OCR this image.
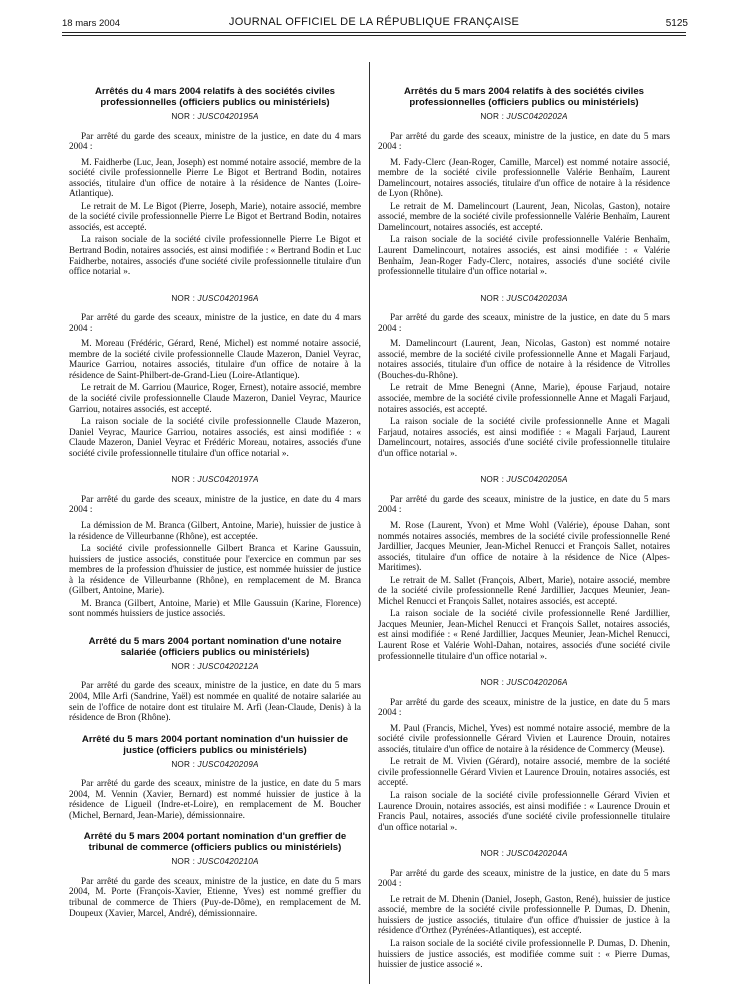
18 mars 2004	JOURNAL OFFICIEL DE LA RÉPUBLIQUE FRANÇAISE	5125
Arrêtés du 4 mars 2004 relatifs à des sociétés civiles professionnelles (officiers publics ou ministériels)
NOR : JUSC0420195A

Par arrêté du garde des sceaux, ministre de la justice, en date du 4 mars 2004 :

M. Faidherbe (Luc, Jean, Joseph) est nommé notaire associé, membre de la société civile professionnelle Pierre Le Bigot et Bertrand Bodin, notaires associés, titulaire d'un office de notaire à la résidence de Nantes (Loire-Atlantique).

Le retrait de M. Le Bigot (Pierre, Joseph, Marie), notaire associé, membre de la société civile professionnelle Pierre Le Bigot et Bertrand Bodin, notaires associés, est accepté.

La raison sociale de la société civile professionnelle Pierre Le Bigot et Bertrand Bodin, notaires associés, est ainsi modifiée : « Bertrand Bodin et Luc Faidherbe, notaires, associés d'une société civile professionnelle titulaire d'un office notarial ».

NOR : JUSC0420196A

Par arrêté du garde des sceaux, ministre de la justice, en date du 4 mars 2004 :

M. Moreau (Frédéric, Gérard, René, Michel) est nommé notaire associé, membre de la société civile professionnelle Claude Mazeron, Daniel Veyrac, Maurice Garriou, notaires associés, titulaire d'un office de notaire à la résidence de Saint-Philbert-de-Grand-Lieu (Loire-Atlantique).

Le retrait de M. Garriou (Maurice, Roger, Ernest), notaire associé, membre de la société civile professionnelle Claude Mazeron, Daniel Veyrac, Maurice Garriou, notaires associés, est accepté.

La raison sociale de la société civile professionnelle Claude Mazeron, Daniel Veyrac, Maurice Garriou, notaires associés, est ainsi modifiée : « Claude Mazeron, Daniel Veyrac et Frédéric Moreau, notaires, associés d'une société civile professionnelle titulaire d'un office notarial ».

NOR : JUSC0420197A

Par arrêté du garde des sceaux, ministre de la justice, en date du 4 mars 2004 :

La démission de M. Branca (Gilbert, Antoine, Marie), huissier de justice à la résidence de Villeurbanne (Rhône), est acceptée.

La société civile professionnelle Gilbert Branca et Karine Gaussuin, huissiers de justice associés, constituée pour l'exercice en commun par ses membres de la profession d'huissier de justice, est nommée huissier de justice à la résidence de Villeurbanne (Rhône), en remplacement de M. Branca (Gilbert, Antoine, Marie).

M. Branca (Gilbert, Antoine, Marie) et Mlle Gaussuin (Karine, Florence) sont nommés huissiers de justice associés.

Arrêté du 5 mars 2004 portant nomination d'une notaire salariée (officiers publics ou ministériels)
NOR : JUSC0420212A

Par arrêté du garde des sceaux, ministre de la justice, en date du 5 mars 2004, Mlle Arfi (Sandrine, Yaël) est nommée en qualité de notaire salariée au sein de l'office de notaire dont est titulaire M. Arfi (Jean-Claude, Denis) à la résidence de Bron (Rhône).

Arrêté du 5 mars 2004 portant nomination d'un huissier de justice (officiers publics ou ministériels)
NOR : JUSC0420209A

Par arrêté du garde des sceaux, ministre de la justice, en date du 5 mars 2004, M. Vennin (Xavier, Bernard) est nommé huissier de justice à la résidence de Ligueil (Indre-et-Loire), en remplacement de M. Boucher (Michel, Bernard, Jean-Marie), démissionnaire.

Arrêté du 5 mars 2004 portant nomination d'un greffier de tribunal de commerce (officiers publics ou ministériels)
NOR : JUSC0420210A

Par arrêté du garde des sceaux, ministre de la justice, en date du 5 mars 2004, M. Porte (François-Xavier, Etienne, Yves) est nommé greffier du tribunal de commerce de Thiers (Puy-de-Dôme), en remplacement de M. Doupeux (Xavier, Marcel, André), démissionnaire.

Arrêtés du 5 mars 2004 relatifs à des sociétés civiles professionnelles (officiers publics ou ministériels)
NOR : JUSC0420202A

Par arrêté du garde des sceaux, ministre de la justice, en date du 5 mars 2004 :

M. Fady-Clerc (Jean-Roger, Camille, Marcel) est nommé notaire associé, membre de la société civile professionnelle Valérie Benhaïm, Laurent Damelincourt, notaires associés, titulaire d'un office de notaire à la résidence de Lyon (Rhône).

Le retrait de M. Damelincourt (Laurent, Jean, Nicolas, Gaston), notaire associé, membre de la société civile professionnelle Valérie Benhaïm, Laurent Damelincourt, notaires associés, est accepté.

La raison sociale de la société civile professionnelle Valérie Benhaïm, Laurent Damelincourt, notaires associés, est ainsi modifiée : « Valérie Benhaïm, Jean-Roger Fady-Clerc, notaires, associés d'une société civile professionnelle titulaire d'un office notarial ».

NOR : JUSC0420203A

Par arrêté du garde des sceaux, ministre de la justice, en date du 5 mars 2004 :

M. Damelincourt (Laurent, Jean, Nicolas, Gaston) est nommé notaire associé, membre de la société civile professionnelle Anne et Magali Farjaud, notaires associés, titulaire d'un office de notaire à la résidence de Vitrolles (Bouches-du-Rhône).

Le retrait de Mme Benegni (Anne, Marie), épouse Farjaud, notaire associée, membre de la société civile professionnelle Anne et Magali Farjaud, notaires associés, est accepté.

La raison sociale de la société civile professionnelle Anne et Magali Farjaud, notaires associés, est ainsi modifiée : « Magali Farjaud, Laurent Damelincourt, notaires, associés d'une société civile professionnelle titulaire d'un office notarial ».

NOR : JUSC0420205A

Par arrêté du garde des sceaux, ministre de la justice, en date du 5 mars 2004 :

M. Rose (Laurent, Yvon) et Mme Wohl (Valérie), épouse Dahan, sont nommés notaires associés, membres de la société civile professionnelle René Jardillier, Jacques Meunier, Jean-Michel Renucci et François Sallet, notaires associés, titulaire d'un office de notaire à la résidence de Nice (Alpes-Maritimes).

Le retrait de M. Sallet (François, Albert, Marie), notaire associé, membre de la société civile professionnelle René Jardillier, Jacques Meunier, Jean-Michel Renucci et François Sallet, notaires associés, est accepté.

La raison sociale de la société civile professionnelle René Jardillier, Jacques Meunier, Jean-Michel Renucci et François Sallet, notaires associés, est ainsi modifiée : « René Jardillier, Jacques Meunier, Jean-Michel Renucci, Laurent Rose et Valérie Wohl-Dahan, notaires, associés d'une société civile professionnelle titulaire d'un office notarial ».

NOR : JUSC0420206A

Par arrêté du garde des sceaux, ministre de la justice, en date du 5 mars 2004 :

M. Paul (Francis, Michel, Yves) est nommé notaire associé, membre de la société civile professionnelle Gérard Vivien et Laurence Drouin, notaires associés, titulaire d'un office de notaire à la résidence de Commercy (Meuse).

Le retrait de M. Vivien (Gérard), notaire associé, membre de la société civile professionnelle Gérard Vivien et Laurence Drouin, notaires associés, est accepté.

La raison sociale de la société civile professionnelle Gérard Vivien et Laurence Drouin, notaires associés, est ainsi modifiée : « Laurence Drouin et Francis Paul, notaires, associés d'une société civile professionnelle titulaire d'un office notarial ».

NOR : JUSC0420204A

Par arrêté du garde des sceaux, ministre de la justice, en date du 5 mars 2004 :

Le retrait de M. Dhenin (Daniel, Joseph, Gaston, René), huissier de justice associé, membre de la société civile professionnelle P. Dumas, D. Dhenin, huissiers de justice associés, titulaire d'un office d'huissier de justice à la résidence d'Orthez (Pyrénées-Atlantiques), est accepté.

La raison sociale de la société civile professionnelle P. Dumas, D. Dhenin, huissiers de justice associés, est modifiée comme suit : « Pierre Dumas, huissier de justice associé ».
